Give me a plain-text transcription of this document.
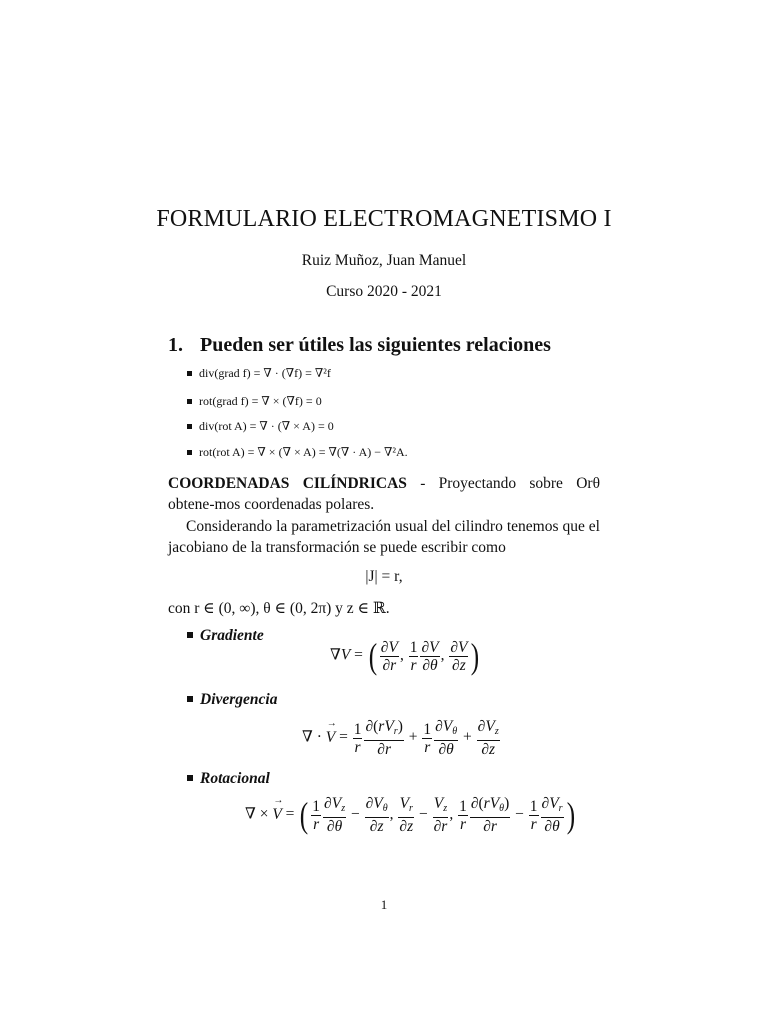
FORMULARIO ELECTROMAGNETISMO I
Ruiz Muñoz, Juan Manuel
Curso 2020 - 2021
1. Pueden ser útiles las siguientes relaciones
div(grad f) = ∇ · (∇f) = ∇²f
rot(grad f) = ∇ × (∇f) = 0
div(rot A) = ∇ · (∇ × A) = 0
rot(rot A) = ∇ × (∇ × A) = ∇(∇ · A) − ∇²A.
COORDENADAS CILÍNDRICAS - Proyectando sobre Orθ obtene-mos coordenadas polares.
Considerando la parametrización usual del cilindro tenemos que el jacobiano de la transformación se puede escribir como
|J| = r,
con r ∈ (0, ∞), θ ∈ (0, 2π) y z ∈ ℝ.
Gradiente
∇V = ( $\frac{\partial V}{\partial r}$ , $\frac{1}{r} \frac{\partial V}{\partial\theta}$ , $\frac{\partial V}{\partial z}$ )
Divergencia
∇ · V → = $\frac{1}{r} \frac{\partial(rV_r)}{\partial r} + \frac{1}{r} \frac{\partial V_\theta}{\partial\theta} + \frac{\partial V_z}{\partial z}$
Rotacional
∇ × V → = ( $\frac{1}{r} \frac{\partial V_z}{\partial\theta} - \frac{\partial V_\theta}{\partial z}$ , $\frac{V_r}{\partial z} - \frac{V_z}{\partial r}$ , $\frac{1}{r} \frac{\partial(rV_\theta)}{\partial r} - \frac{1}{r} \frac{\partial V_r}{\partial\theta}$ )
1
